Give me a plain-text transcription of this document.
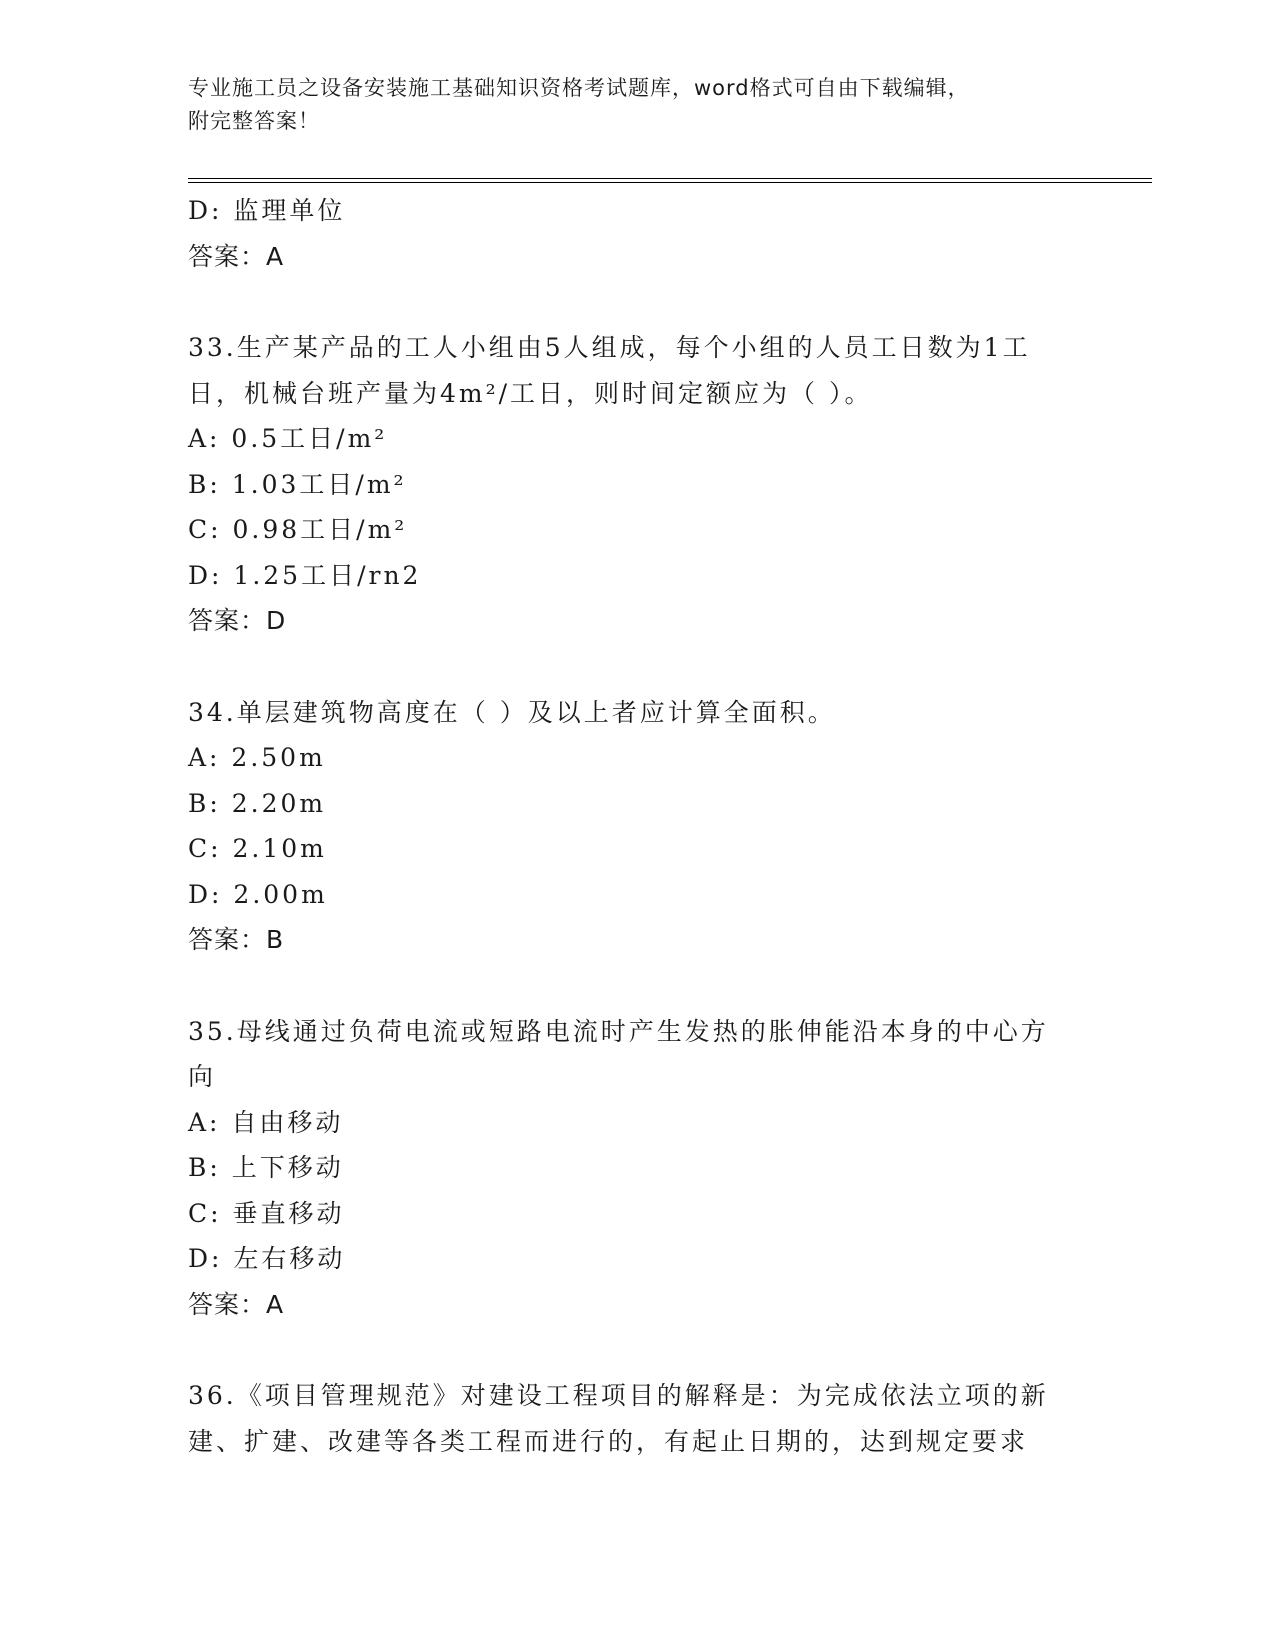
专业施工员之设备安装施工基础知识资格考试题库，word格式可自由下载编辑，
附完整答案！
D: 监理单位
答案：A
33.生产某产品的工人小组由5人组成，每个小组的人员工日数为1工
日，机械台班产量为4m²/工日，则时间定额应为（ ）。
A: 0.5工日/m²
B: 1.03工日/m²
C: 0.98工日/m²
D: 1.25工日/rn2
答案：D
34.单层建筑物高度在（ ）及以上者应计算全面积。
A: 2.50m
B: 2.20m
C: 2.10m
D: 2.00m
答案：B
35.母线通过负荷电流或短路电流时产生发热的胀伸能沿本身的中心方
向
A: 自由移动
B: 上下移动
C: 垂直移动
D: 左右移动
答案：A
36.《项目管理规范》对建设工程项目的解释是：为完成依法立项的新
建、扩建、改建等各类工程而进行的，有起止日期的，达到规定要求
